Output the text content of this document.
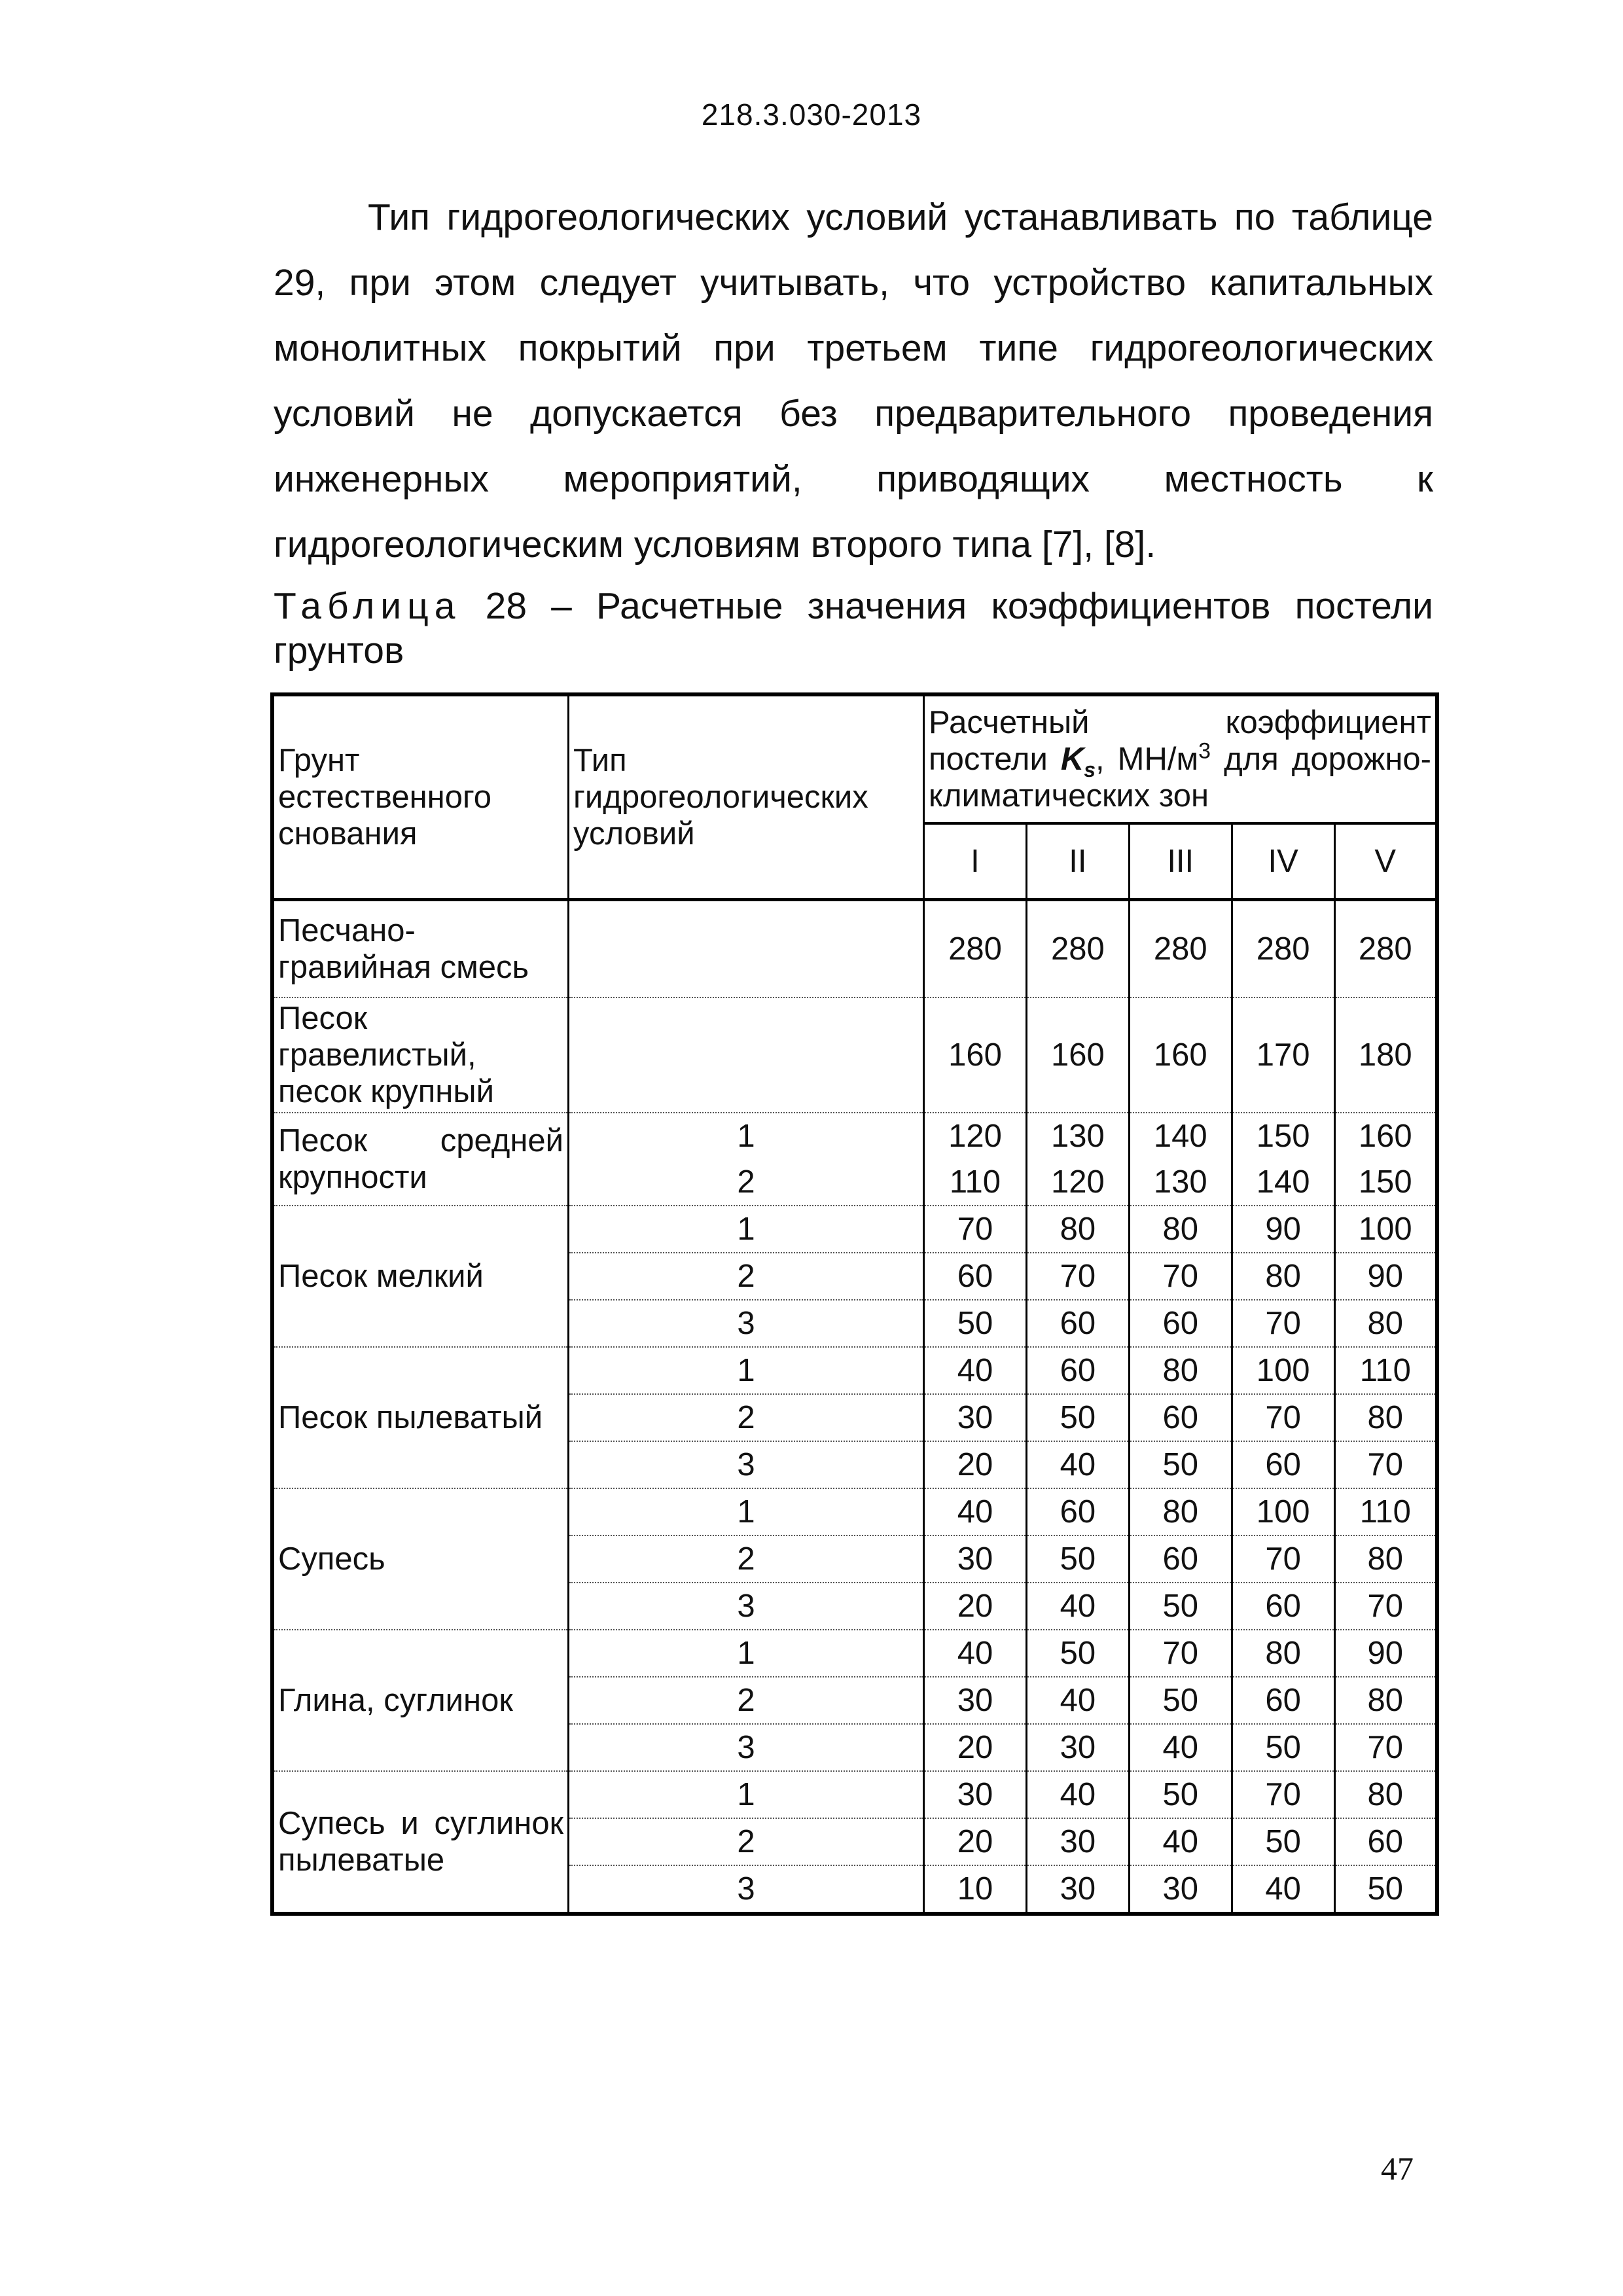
218.3.030-2013

Тип гидрогеологических условий устанавливать по таблице 29, при этом следует учитывать, что устройство капитальных монолитных покрытий при третьем типе гидрогеологических условий не допускается без предварительного проведения инженерных мероприятий, приводящих местность к гидрогеологическим условиям второго типа [7], [8].

Таблица 28 – Расчетные значения коэффициентов постели грунтов

Грунт естественного снования	Тип гидрогеологических условий	Расчетный коэффициент постели $K_s$, $МН/м^3$ для дорожно-климатических зон				
		I	II	III	IV	V
Песчано-гравийная смесь		280	280	280	280	280
Песок гравелистый, песок крупный		160	160	160	170	180
Песок средней крупности	1	120	130	140	150	160
	2	110	120	130	140	150
Песок мелкий	1	70	80	80	90	100
	2	60	70	70	80	90
	3	50	60	60	70	80
Песок пылеватый	1	40	60	80	100	110
	2	30	50	60	70	80
	3	20	40	50	60	70
Супесь	1	40	60	80	100	110
	2	30	50	60	70	80
	3	20	40	50	60	70
Глина, суглинок	1	40	50	70	80	90
	2	30	40	50	60	80
	3	20	30	40	50	70
Супесь и суглинок пылеватые	1	30	40	50	70	80
	2	20	30	40	50	60
	3	10	30	30	40	50
47
